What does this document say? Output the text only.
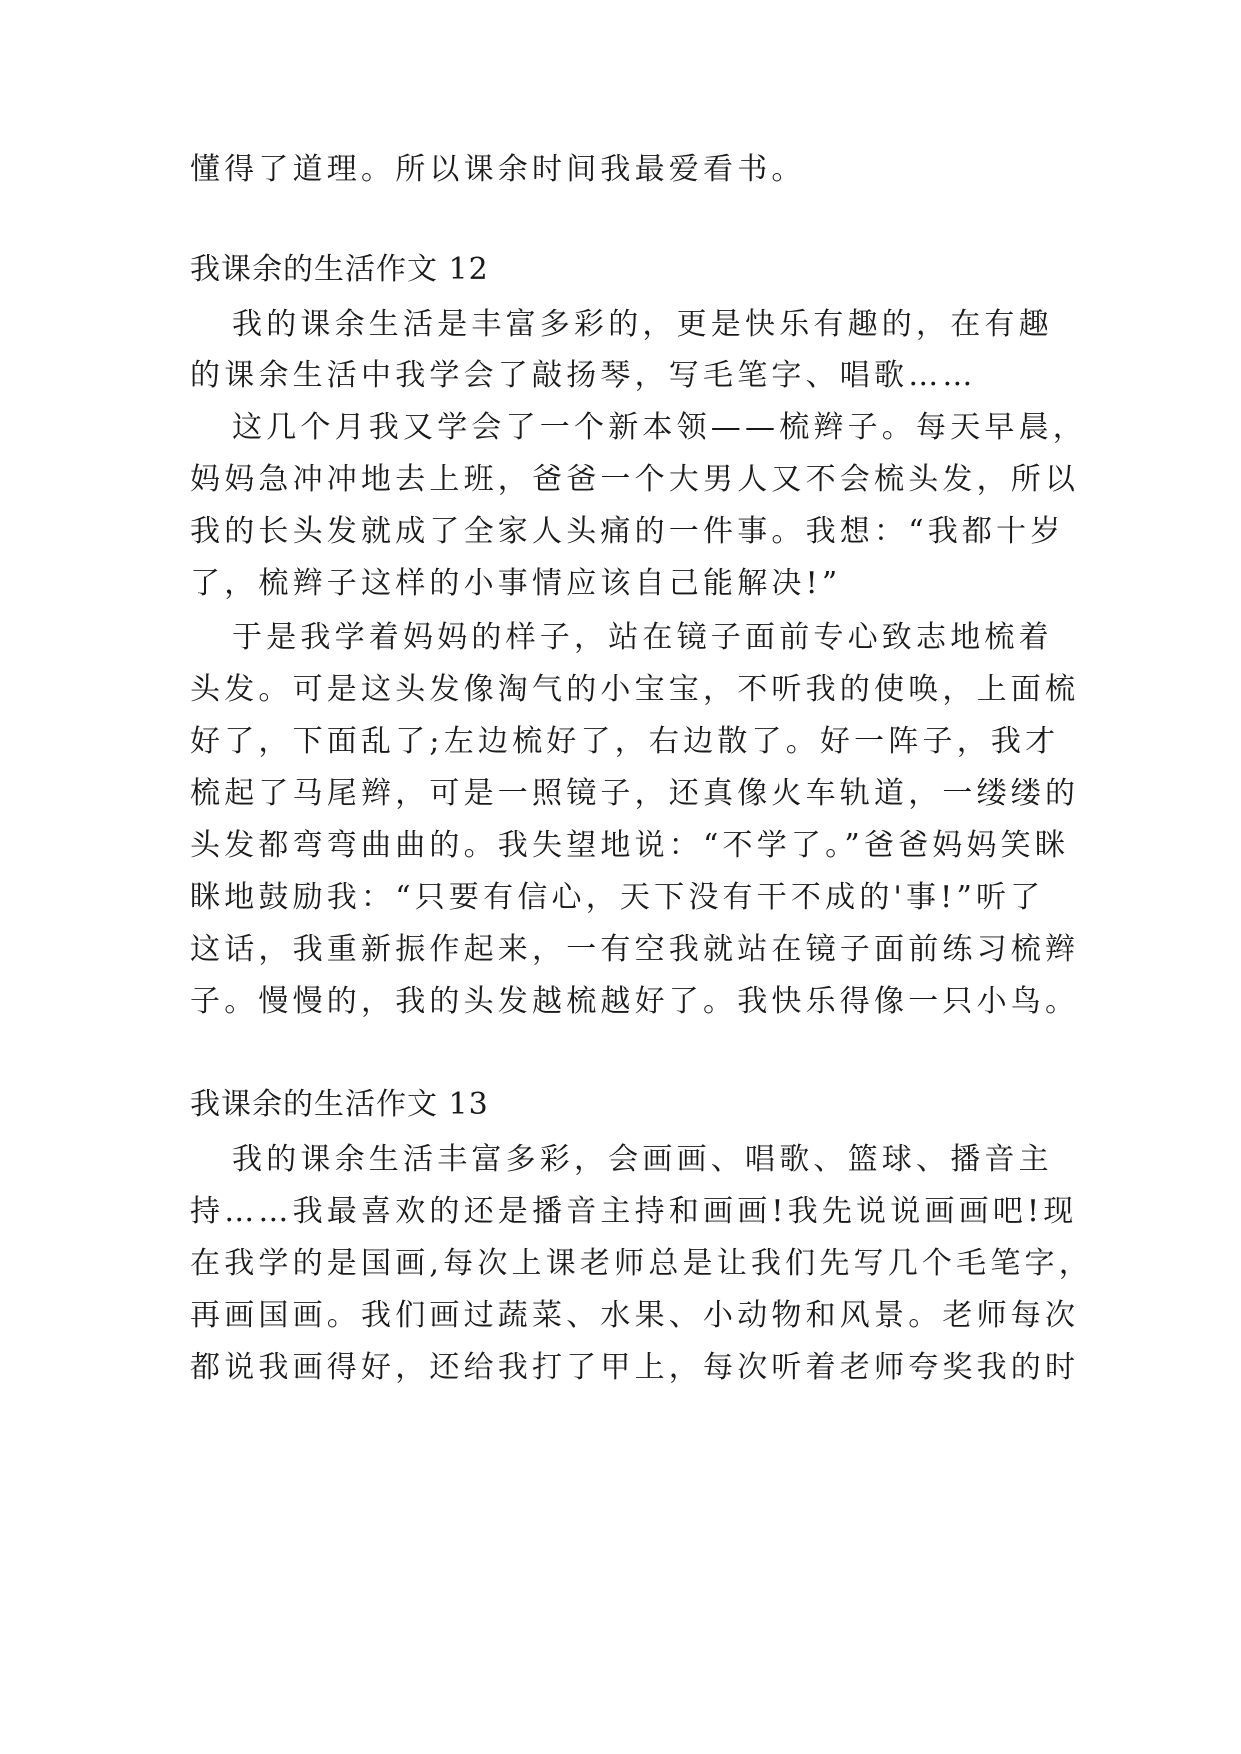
懂得了道理。所以课余时间我最爱看书。
我课余的生活作文 12
我的课余生活是丰富多彩的，更是快乐有趣的，在有趣
的课余生活中我学会了敲扬琴，写毛笔字、唱歌……
这几个月我又学会了一个新本领——梳辫子。每天早晨，
妈妈急冲冲地去上班，爸爸一个大男人又不会梳头发，所以
我的长头发就成了全家人头痛的一件事。我想：“我都十岁
了，梳辫子这样的小事情应该自己能解决!”
于是我学着妈妈的样子，站在镜子面前专心致志地梳着
头发。可是这头发像淘气的小宝宝，不听我的使唤，上面梳
好了，下面乱了;左边梳好了，右边散了。好一阵子，我才
梳起了马尾辫，可是一照镜子，还真像火车轨道，一缕缕的
头发都弯弯曲曲的。我失望地说：“不学了。”爸爸妈妈笑眯
眯地鼓励我：“只要有信心，天下没有干不成的'事!”听了
这话，我重新振作起来，一有空我就站在镜子面前练习梳辫
子。慢慢的，我的头发越梳越好了。我快乐得像一只小鸟。
我课余的生活作文 13
我的课余生活丰富多彩，会画画、唱歌、篮球、播音主
持……我最喜欢的还是播音主持和画画!我先说说画画吧!现
在我学的是国画,每次上课老师总是让我们先写几个毛笔字，
再画国画。我们画过蔬菜、水果、小动物和风景。老师每次
都说我画得好，还给我打了甲上，每次听着老师夸奖我的时
